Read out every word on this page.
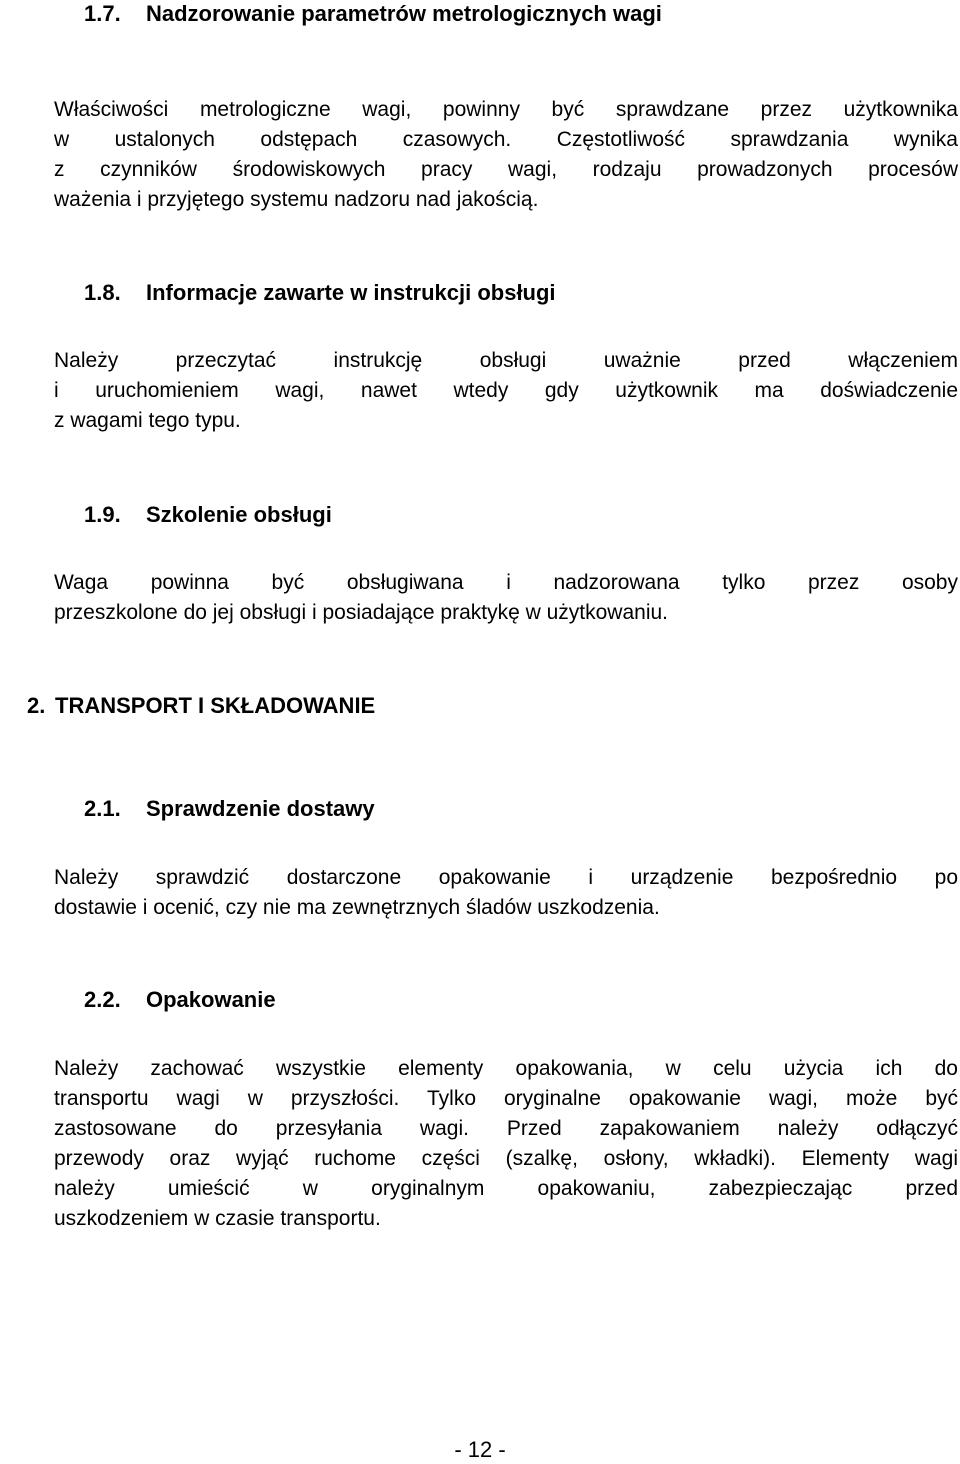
1.7. Nadzorowanie parametrów metrologicznych wagi
Właściwości metrologiczne wagi, powinny być sprawdzane przez użytkownika
w ustalonych odstępach czasowych. Częstotliwość sprawdzania wynika
z czynników środowiskowych pracy wagi, rodzaju prowadzonych procesów
ważenia i przyjętego systemu nadzoru nad jakością.
1.8. Informacje zawarte w instrukcji obsługi
Należy przeczytać instrukcję obsługi uważnie przed włączeniem
i uruchomieniem wagi, nawet wtedy gdy użytkownik ma doświadczenie
z wagami tego typu.
1.9. Szkolenie obsługi
Waga powinna być obsługiwana i nadzorowana tylko przez osoby
przeszkolone do jej obsługi i posiadające praktykę w użytkowaniu.
2. TRANSPORT I SKŁADOWANIE
2.1. Sprawdzenie dostawy
Należy sprawdzić dostarczone opakowanie i urządzenie bezpośrednio po
dostawie i ocenić, czy nie ma zewnętrznych śladów uszkodzenia.
2.2. Opakowanie
Należy zachować wszystkie elementy opakowania, w celu użycia ich do
transportu wagi w przyszłości. Tylko oryginalne opakowanie wagi, może być
zastosowane do przesyłania wagi. Przed zapakowaniem należy odłączyć
przewody oraz wyjąć ruchome części (szalkę, osłony, wkładki). Elementy wagi
należy umieścić w oryginalnym opakowaniu, zabezpieczając przed
uszkodzeniem w czasie transportu.
- 12 -
